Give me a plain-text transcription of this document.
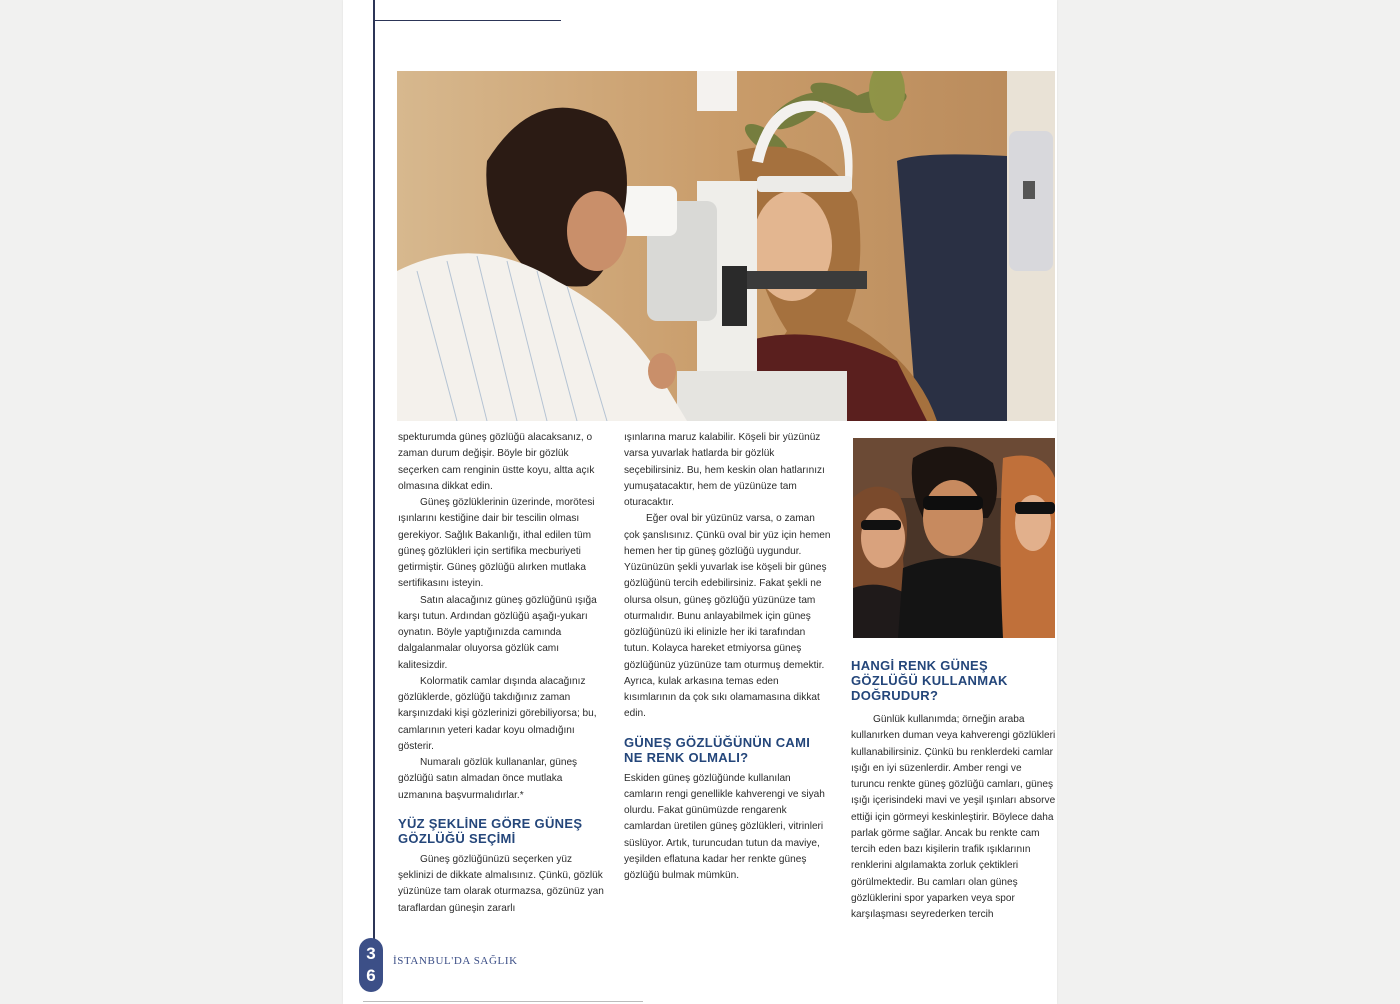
spekturumda güneş gözlüğü alacaksanız, o zaman durum değişir. Böyle bir gözlük seçerken cam renginin üstte koyu, altta açık olmasına dikkat edin.

Güneş gözlüklerinin üzerinde, morötesi ışınlarını kestiğine dair bir tescilin olması gerekiyor. Sağlık Bakanlığı, ithal edilen tüm güneş gözlükleri için sertifika mecburiyeti getirmiştir. Güneş gözlüğü alırken mutlaka sertifikasını isteyin.

Satın alacağınız güneş gözlüğünü ışığa karşı tutun. Ardından gözlüğü aşağı-yukarı oynatın. Böyle yaptığınızda camında dalgalanmalar oluyorsa gözlük camı kalitesizdir.

Kolormatik camlar dışında alacağınız gözlüklerde, gözlüğü takdığınız zaman karşınızdaki kişi gözlerinizi görebiliyorsa; bu, camlarının yeteri kadar koyu olmadığını gösterir.

Numaralı gözlük kullananlar, güneş gözlüğü satın almadan önce mutlaka uzmanına başvurmalıdırlar.*

YÜZ ŞEKLİNE GÖRE GÜNEŞ GÖZLÜĞÜ SEÇİMİ

Güneş gözlüğünüzü seçerken yüz şeklinizi de dikkate almalısınız. Çünkü, gözlük yüzünüze tam olarak oturmazsa, gözünüz yan taraflardan güneşin zararlı

ışınlarına maruz kalabilir. Köşeli bir yüzünüz varsa yuvarlak hatlarda bir gözlük seçebilirsiniz. Bu, hem keskin olan hatlarınızı yumuşatacaktır, hem de yüzünüze tam oturacaktır.

Eğer oval bir yüzünüz varsa, o zaman çok şanslısınız. Çünkü oval bir yüz için hemen hemen her tip güneş gözlüğü uygundur. Yüzünüzün şekli yuvarlak ise köşeli bir güneş gözlüğünü tercih edebilirsiniz. Fakat şekli ne olursa olsun, güneş gözlüğü yüzünüze tam oturmalıdır. Bunu anlayabilmek için güneş gözlüğünüzü iki elinizle her iki tarafından tutun. Kolayca hareket etmiyorsa güneş gözlüğünüz yüzünüze tam oturmuş demektir. Ayrıca, kulak arkasına temas eden kısımlarının da çok sıkı olamamasına dikkat edin.

GÜNEŞ GÖZLÜĞÜNÜN CAMI NE RENK OLMALI?

Eskiden güneş gözlüğünde kullanılan camların rengi genellikle kahverengi ve siyah olurdu. Fakat günümüzde rengarenk camlardan üretilen güneş gözlükleri, vitrinleri süslüyor. Artık, turuncudan tutun da maviye, yeşilden eflatuna kadar her renkte güneş gözlüğü bulmak mümkün.

HANGİ RENK GÜNEŞ GÖZLÜĞÜ KULLANMAK DOĞRUDUR?

Günlük kullanımda; örneğin araba kullanırken duman veya kahverengi gözlükleri kullanabilirsiniz. Çünkü bu renklerdeki camlar ışığı en iyi süzenlerdir. Amber rengi ve turuncu renkte güneş gözlüğü camları, güneş ışığı içerisindeki mavi ve yeşil ışınları absorve ettiği için görmeyi keskinleştirir. Böylece daha parlak görme sağlar. Ancak bu renkte cam tercih eden bazı kişilerin trafik ışıklarının renklerini algılamakta zorluk çektikleri görülmektedir. Bu camları olan güneş gözlüklerini spor yaparken veya spor karşılaşması seyrederken tercih

3
6
İSTANBUL'DA SAĞLIK
